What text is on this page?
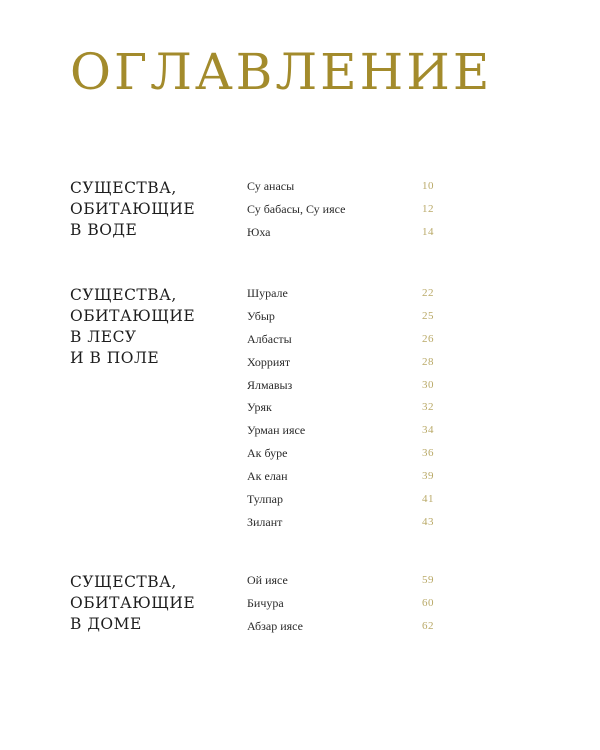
ОГЛАВЛЕНИЕ
СУЩЕСТВА,
ОБИТАЮЩИЕ
В ВОДЕ
Су анасы	10
Су бабасы, Су иясе	12
Юха	14
СУЩЕСТВА,
ОБИТАЮЩИЕ
В ЛЕСУ
И В ПОЛЕ
Шурале	22
Убыр	25
Албасты	26
Хоррият	28
Ялмавыз	30
Уряк	32
Урман иясе	34
Ак буре	36
Ак елан	39
Тулпар	41
Зилант	43
СУЩЕСТВА,
ОБИТАЮЩИЕ
В ДОМЕ
Ой иясе	59
Бичура	60
Абзар иясе	62
